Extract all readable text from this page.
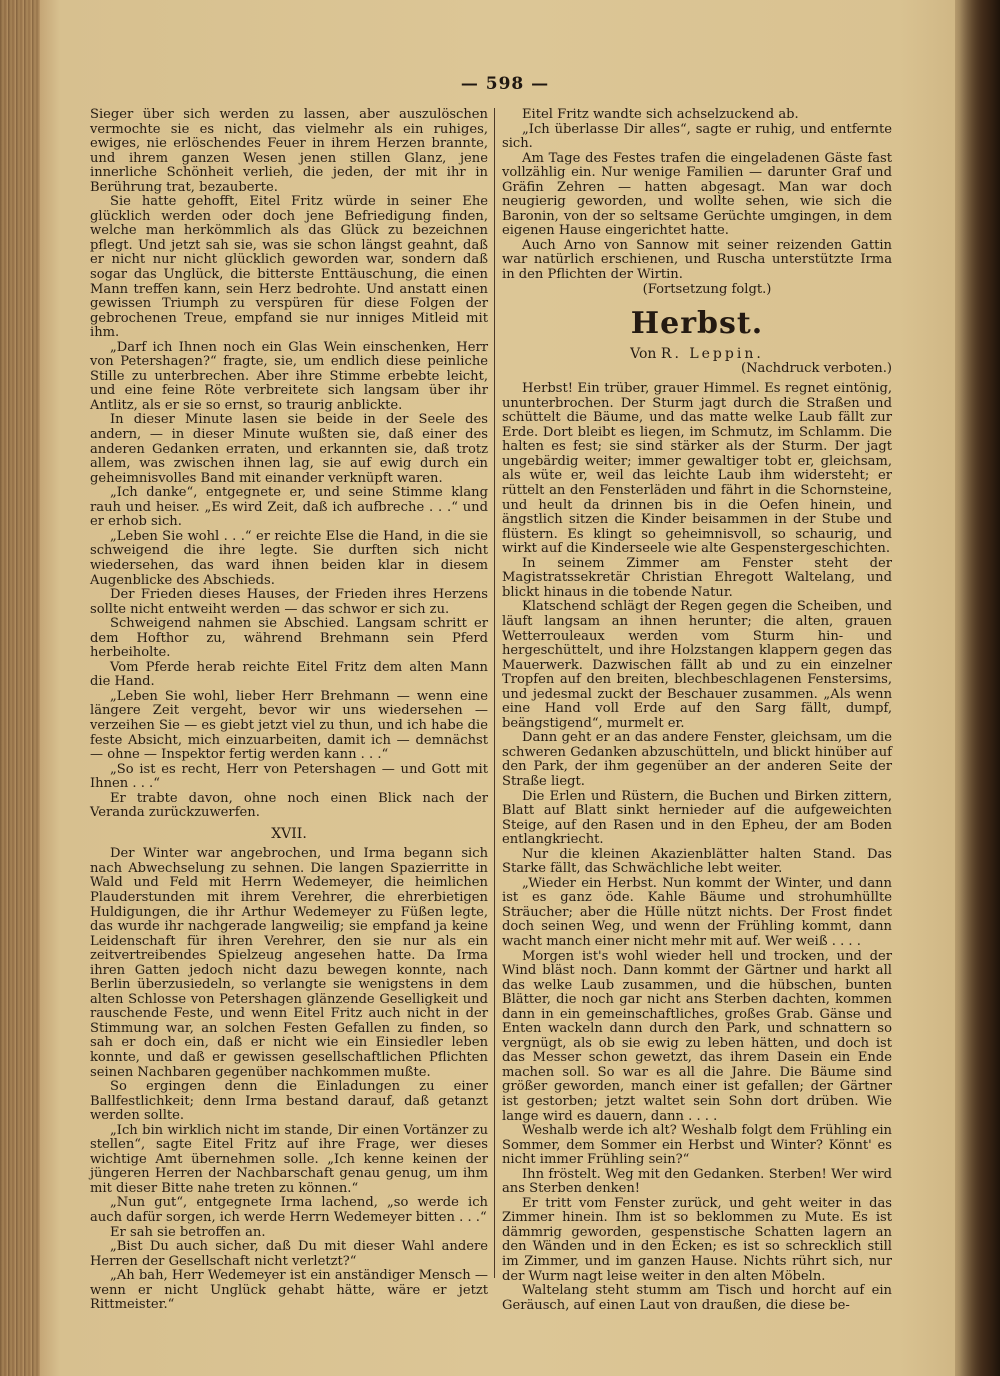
— 598 —

Sieger über sich werden zu lassen, aber auszulöschen vermochte sie es nicht, das vielmehr als ein ruhiges, ewiges, nie erlöschendes Feuer in ihrem Herzen brannte, und ihrem ganzen Wesen jenen stillen Glanz, jene innerliche Schönheit verlieh, die jeden, der mit ihr in Berührung trat, bezauberte.

Sie hatte gehofft, Eitel Fritz würde in seiner Ehe glücklich werden oder doch jene Befriedigung finden, welche man herkömmlich als das Glück zu bezeichnen pflegt. Und jetzt sah sie, was sie schon längst geahnt, daß er nicht nur nicht glücklich geworden war, sondern daß sogar das Unglück, die bitterste Enttäuschung, die einen Mann treffen kann, sein Herz bedrohte. Und anstatt einen gewissen Triumph zu verspüren für diese Folgen der gebrochenen Treue, empfand sie nur inniges Mitleid mit ihm.

„Darf ich Ihnen noch ein Glas Wein einschenken, Herr von Petershagen?“ fragte, sie, um endlich diese peinliche Stille zu unterbrechen. Aber ihre Stimme erbebte leicht, und eine feine Röte verbreitete sich langsam über ihr Antlitz, als er sie so ernst, so traurig anblickte.

In dieser Minute lasen sie beide in der Seele des andern, — in dieser Minute wußten sie, daß einer des anderen Gedanken erraten, und erkannten sie, daß trotz allem, was zwischen ihnen lag, sie auf ewig durch ein geheimnisvolles Band mit einander verknüpft waren.

„Ich danke“, entgegnete er, und seine Stimme klang rauh und heiser. „Es wird Zeit, daß ich aufbreche . . .“ und er erhob sich.

„Leben Sie wohl . . .“ er reichte Else die Hand, in die sie schweigend die ihre legte. Sie durften sich nicht wiedersehen, das ward ihnen beiden klar in diesem Augenblicke des Abschieds.

Der Frieden dieses Hauses, der Frieden ihres Herzens sollte nicht entweiht werden — das schwor er sich zu.

Schweigend nahmen sie Abschied. Langsam schritt er dem Hofthor zu, während Brehmann sein Pferd herbeiholte.

Vom Pferde herab reichte Eitel Fritz dem alten Mann die Hand.

„Leben Sie wohl, lieber Herr Brehmann — wenn eine längere Zeit vergeht, bevor wir uns wiedersehen — verzeihen Sie — es giebt jetzt viel zu thun, und ich habe die feste Absicht, mich einzuarbeiten, damit ich — demnächst — ohne — Inspektor fertig werden kann . . .“

„So ist es recht, Herr von Petershagen — und Gott mit Ihnen . . .“

Er trabte davon, ohne noch einen Blick nach der Veranda zurückzuwerfen.

XVII.

Der Winter war angebrochen, und Irma begann sich nach Abwechselung zu sehnen. Die langen Spazierritte in Wald und Feld mit Herrn Wedemeyer, die heimlichen Plauderstunden mit ihrem Verehrer, die ehrerbietigen Huldigungen, die ihr Arthur Wedemeyer zu Füßen legte, das wurde ihr nachgerade langweilig; sie empfand ja keine Leidenschaft für ihren Verehrer, den sie nur als ein zeitvertreibendes Spielzeug angesehen hatte. Da Irma ihren Gatten jedoch nicht dazu bewegen konnte, nach Berlin überzusiedeln, so verlangte sie wenigstens in dem alten Schlosse von Petershagen glänzende Geselligkeit und rauschende Feste, und wenn Eitel Fritz auch nicht in der Stimmung war, an solchen Festen Gefallen zu finden, so sah er doch ein, daß er nicht wie ein Einsiedler leben konnte, und daß er gewissen gesellschaftlichen Pflichten seinen Nachbaren gegenüber nachkommen mußte.

So ergingen denn die Einladungen zu einer Ballfestlichkeit; denn Irma bestand darauf, daß getanzt werden sollte.

„Ich bin wirklich nicht im stande, Dir einen Vortänzer zu stellen“, sagte Eitel Fritz auf ihre Frage, wer dieses wichtige Amt übernehmen solle. „Ich kenne keinen der jüngeren Herren der Nachbarschaft genau genug, um ihm mit dieser Bitte nahe treten zu können.“

„Nun gut“, entgegnete Irma lachend, „so werde ich auch dafür sorgen, ich werde Herrn Wedemeyer bitten . . .“

Er sah sie betroffen an.

„Bist Du auch sicher, daß Du mit dieser Wahl andere Herren der Gesellschaft nicht verletzt?“

„Ah bah, Herr Wedemeyer ist ein anständiger Mensch — wenn er nicht Unglück gehabt hätte, wäre er jetzt Rittmeister.“

Eitel Fritz wandte sich achselzuckend ab.

„Ich überlasse Dir alles“, sagte er ruhig, und entfernte sich.

Am Tage des Festes trafen die eingeladenen Gäste fast vollzählig ein. Nur wenige Familien — darunter Graf und Gräfin Zehren — hatten abgesagt. Man war doch neugierig geworden, und wollte sehen, wie sich die Baronin, von der so seltsame Gerüchte umgingen, in dem eigenen Hause eingerichtet hatte.

Auch Arno von Sannow mit seiner reizenden Gattin war natürlich erschienen, und Ruscha unterstützte Irma in den Pflichten der Wirtin.

(Fortsetzung folgt.)

Herbst.
Von R. Leppin.
(Nachdruck verboten.)

Herbst! Ein trüber, grauer Himmel. Es regnet eintönig, ununterbrochen. Der Sturm jagt durch die Straßen und schüttelt die Bäume, und das matte welke Laub fällt zur Erde. Dort bleibt es liegen, im Schmutz, im Schlamm. Die halten es fest; sie sind stärker als der Sturm. Der jagt ungebärdig weiter; immer gewaltiger tobt er, gleichsam, als wüte er, weil das leichte Laub ihm widersteht; er rüttelt an den Fensterläden und fährt in die Schornsteine, und heult da drinnen bis in die Oefen hinein, und ängstlich sitzen die Kinder beisammen in der Stube und flüstern. Es klingt so geheimnisvoll, so schaurig, und wirkt auf die Kinderseele wie alte Gespenstergeschichten.

In seinem Zimmer am Fenster steht der Magistratssekretär Christian Ehregott Waltelang, und blickt hinaus in die tobende Natur.

Klatschend schlägt der Regen gegen die Scheiben, und läuft langsam an ihnen herunter; die alten, grauen Wetterrouleaux werden vom Sturm hin- und hergeschüttelt, und ihre Holzstangen klappern gegen das Mauerwerk. Dazwischen fällt ab und zu ein einzelner Tropfen auf den breiten, blechbeschlagenen Fenstersims, und jedesmal zuckt der Beschauer zusammen. „Als wenn eine Hand voll Erde auf den Sarg fällt, dumpf, beängstigend“, murmelt er.

Dann geht er an das andere Fenster, gleichsam, um die schweren Gedanken abzuschütteln, und blickt hinüber auf den Park, der ihm gegenüber an der anderen Seite der Straße liegt.

Die Erlen und Rüstern, die Buchen und Birken zittern, Blatt auf Blatt sinkt hernieder auf die aufgeweichten Steige, auf den Rasen und in den Epheu, der am Boden entlangkriecht.

Nur die kleinen Akazienblätter halten Stand. Das Starke fällt, das Schwächliche lebt weiter.

„Wieder ein Herbst. Nun kommt der Winter, und dann ist es ganz öde. Kahle Bäume und strohumhüllte Sträucher; aber die Hülle nützt nichts. Der Frost findet doch seinen Weg, und wenn der Frühling kommt, dann wacht manch einer nicht mehr mit auf. Wer weiß . . . .

Morgen ist's wohl wieder hell und trocken, und der Wind bläst noch. Dann kommt der Gärtner und harkt all das welke Laub zusammen, und die hübschen, bunten Blätter, die noch gar nicht ans Sterben dachten, kommen dann in ein gemeinschaftliches, großes Grab. Gänse und Enten wackeln dann durch den Park, und schnattern so vergnügt, als ob sie ewig zu leben hätten, und doch ist das Messer schon gewetzt, das ihrem Dasein ein Ende machen soll. So war es all die Jahre. Die Bäume sind größer geworden, manch einer ist gefallen; der Gärtner ist gestorben; jetzt waltet sein Sohn dort drüben. Wie lange wird es dauern, dann . . . .

Weshalb werde ich alt? Weshalb folgt dem Frühling ein Sommer, dem Sommer ein Herbst und Winter? Könnt' es nicht immer Frühling sein?“

Ihn fröstelt. Weg mit den Gedanken. Sterben! Wer wird ans Sterben denken!

Er tritt vom Fenster zurück, und geht weiter in das Zimmer hinein. Ihm ist so beklommen zu Mute. Es ist dämmrig geworden, gespenstische Schatten lagern an den Wänden und in den Ecken; es ist so schrecklich still im Zimmer, und im ganzen Hause. Nichts rührt sich, nur der Wurm nagt leise weiter in den alten Möbeln.

Waltelang steht stumm am Tisch und horcht auf ein Geräusch, auf einen Laut von draußen, die diese be-
